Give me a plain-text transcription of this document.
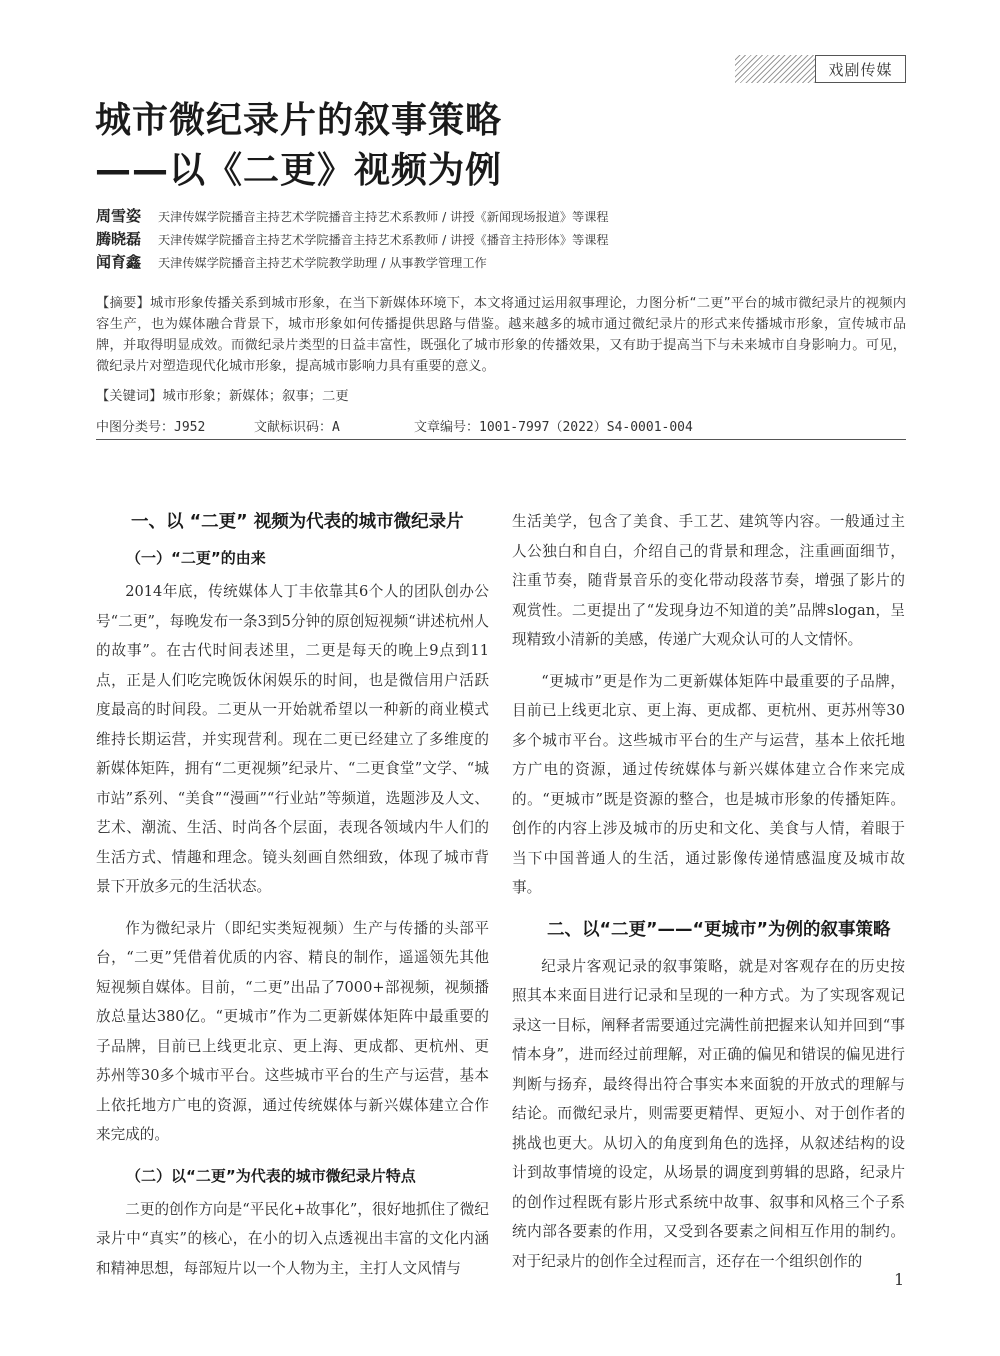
戏剧传媒
城市微纪录片的叙事策略
——以《二更》视频为例
周雪姿	天津传媒学院播音主持艺术学院播音主持艺术系教师 / 讲授《新闻现场报道》等课程
腾晓磊	天津传媒学院播音主持艺术学院播音主持艺术系教师 / 讲授《播音主持形体》等课程
闻育鑫	天津传媒学院播音主持艺术学院教学助理 / 从事教学管理工作

【摘要】城市形象传播关系到城市形象，在当下新媒体环境下，本文将通过运用叙事理论，力图分析“二更”平台的城市微纪录片的视频内容生产，也为媒体融合背景下，城市形象如何传播提供思路与借鉴。越来越多的城市通过微纪录片的形式来传播城市形象，宣传城市品牌，并取得明显成效。而微纪录片类型的日益丰富性，既强化了城市形象的传播效果，又有助于提高当下与未来城市自身影响力。可见，微纪录片对塑造现代化城市形象，提高城市影响力具有重要的意义。

【关键词】城市形象；新媒体；叙事；二更
中图分类号：J952	文献标识码：A	文章编号：1001-7997（2022）S4-0001-004
一、以 “二更” 视频为代表的城市微纪录片
（一）“二更”的由来

2014年底，传统媒体人丁丰依靠其6个人的团队创办公号“二更”，每晚发布一条3到5分钟的原创短视频“讲述杭州人的故事”。在古代时间表述里，二更是每天的晚上9点到11点，正是人们吃完晚饭休闲娱乐的时间，也是微信用户活跃度最高的时间段。二更从一开始就希望以一种新的商业模式维持长期运营，并实现营利。现在二更已经建立了多维度的新媒体矩阵，拥有“二更视频”纪录片、“二更食堂”文学、“城市站”系列、“美食”“漫画”“行业站”等频道，选题涉及人文、艺术、潮流、生活、时尚各个层面，表现各领域内牛人们的生活方式、情趣和理念。镜头刻画自然细致，体现了城市背景下开放多元的生活状态。

作为微纪录片（即纪实类短视频）生产与传播的头部平台，“二更”凭借着优质的内容、精良的制作，遥遥领先其他短视频自媒体。目前，“二更”出品了7000+部视频，视频播放总量达380亿。“更城市”作为二更新媒体矩阵中最重要的子品牌，目前已上线更北京、更上海、更成都、更杭州、更苏州等30多个城市平台。这些城市平台的生产与运营，基本上依托地方广电的资源，通过传统媒体与新兴媒体建立合作来完成的。

（二）以“二更”为代表的城市微纪录片特点

二更的创作方向是“平民化+故事化”，很好地抓住了微纪录片中“真实”的核心，在小的切入点透视出丰富的文化内涵和精神思想，每部短片以一个人物为主，主打人文风情与

生活美学，包含了美食、手工艺、建筑等内容。一般通过主人公独白和自白，介绍自己的背景和理念，注重画面细节，注重节奏，随背景音乐的变化带动段落节奏，增强了影片的观赏性。二更提出了“发现身边不知道的美”品牌slogan，呈现精致小清新的美感，传递广大观众认可的人文情怀。

“更城市”更是作为二更新媒体矩阵中最重要的子品牌，目前已上线更北京、更上海、更成都、更杭州、更苏州等30多个城市平台。这些城市平台的生产与运营，基本上依托地方广电的资源，通过传统媒体与新兴媒体建立合作来完成的。“更城市”既是资源的整合，也是城市形象的传播矩阵。创作的内容上涉及城市的历史和文化、美食与人情，着眼于当下中国普通人的生活，通过影像传递情感温度及城市故事。

二、以“二更”——“更城市”为例的叙事策略

纪录片客观记录的叙事策略，就是对客观存在的历史按照其本来面目进行记录和呈现的一种方式。为了实现客观记录这一目标，阐释者需要通过完满性前把握来认知并回到“事情本身”，进而经过前理解，对正确的偏见和错误的偏见进行判断与扬弃，最终得出符合事实本来面貌的开放式的理解与结论。而微纪录片，则需要更精悍、更短小、对于创作者的挑战也更大。从切入的角度到角色的选择，从叙述结构的设计到故事情境的设定，从场景的调度到剪辑的思路，纪录片的创作过程既有影片形式系统中故事、叙事和风格三个子系统内部各要素的作用，又受到各要素之间相互作用的制约。对于纪录片的创作全过程而言，还存在一个组织创作的

1
